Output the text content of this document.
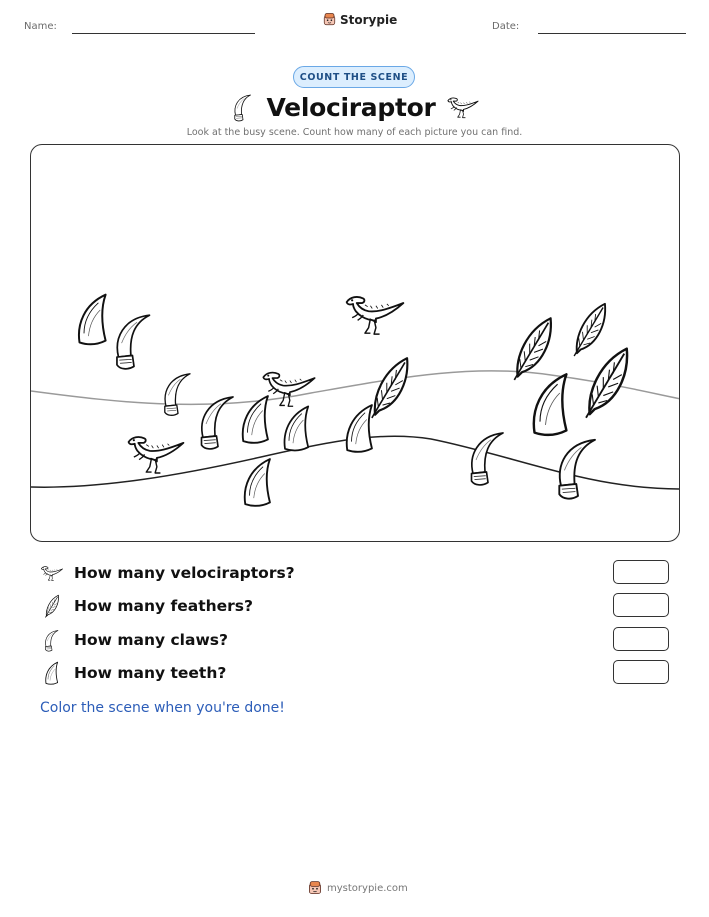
Name:	Storypie	Date:
COUNT THE SCENE
Velociraptor
Look at the busy scene. Count how many of each picture you can find.
How many velociraptors?
How many feathers?
How many claws?
How many teeth?
Color the scene when you're done!
mystorypie.com
